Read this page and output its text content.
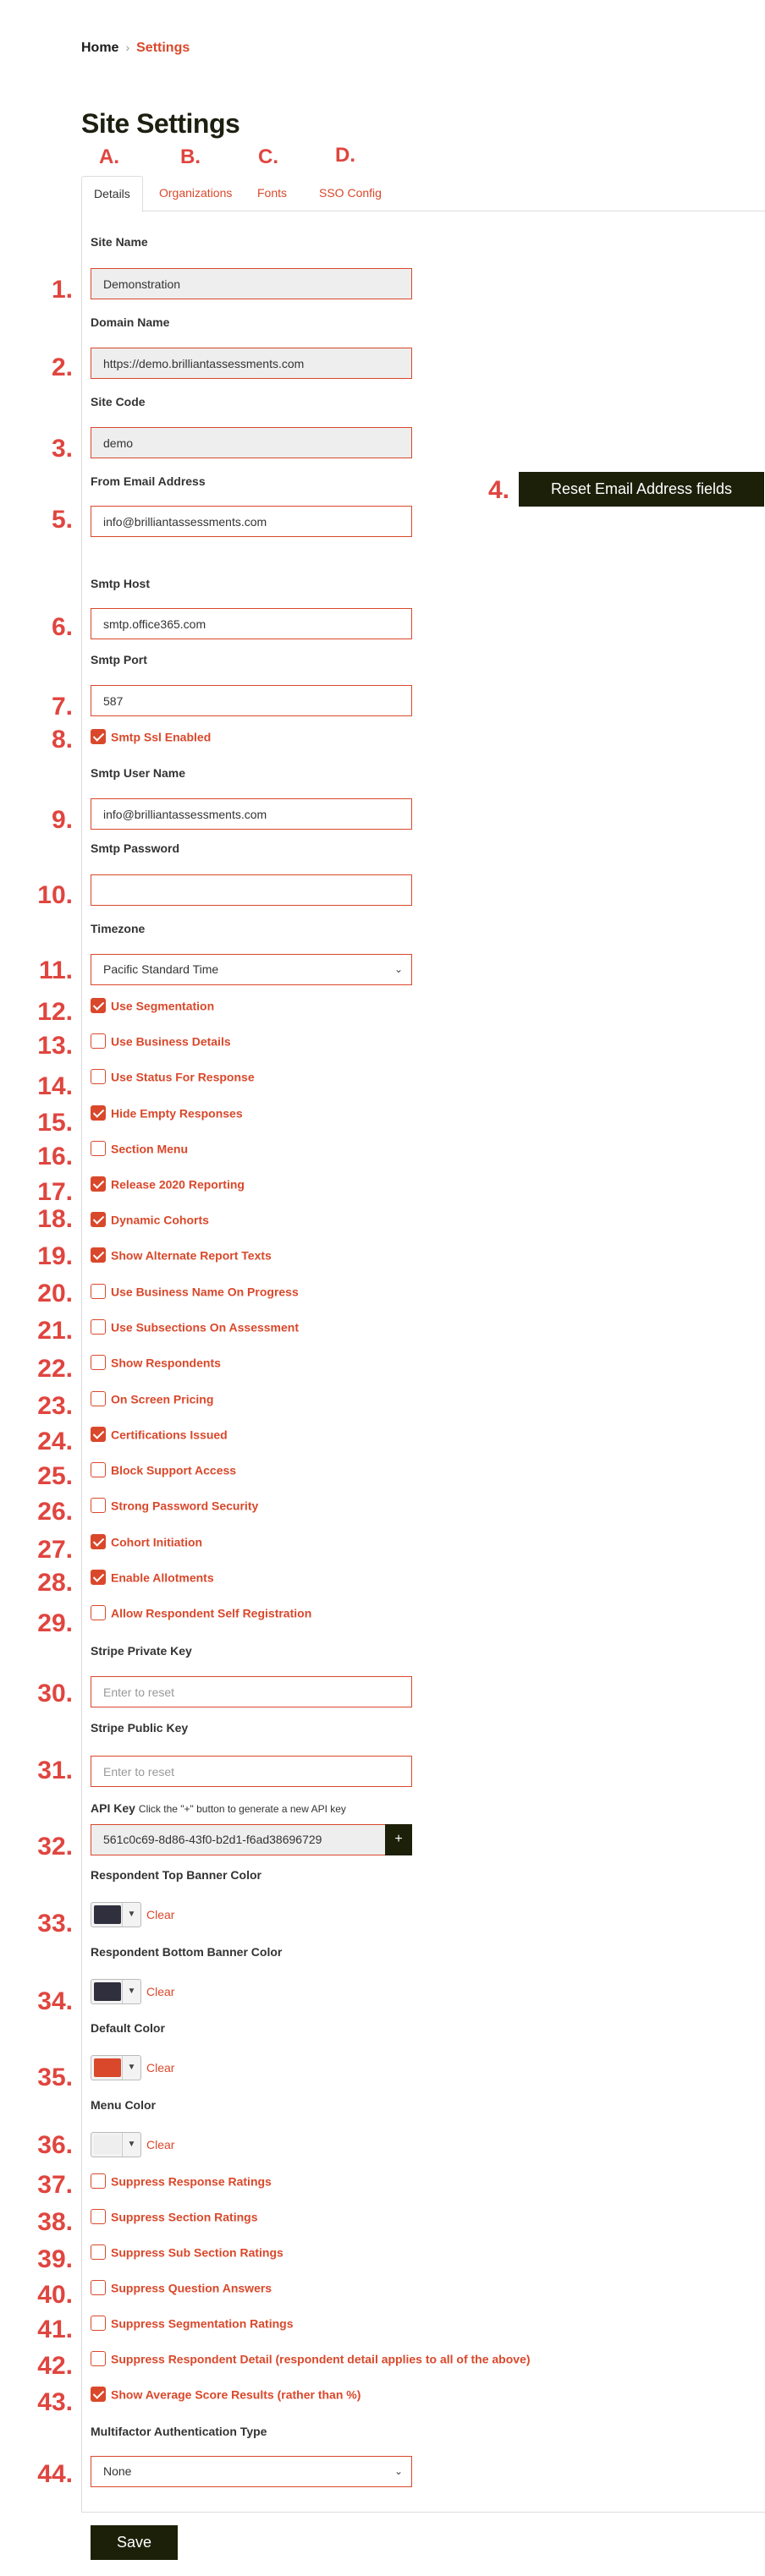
Home › Settings
Site Settings
A.	B.	C.	D.
Details	Organizations	Fonts	SSO Config
Site Name
1.
Demonstration
Domain Name
2.
https://demo.brilliantassessments.com
Site Code
3.
demo
From Email Address	4.	Reset Email Address fields
5.
info@brilliantassessments.com
Smtp Host
6.
smtp.office365.com
Smtp Port
7.
587
8.	Smtp Ssl Enabled
Smtp User Name
9.
info@brilliantassessments.com
Smtp Password
10.
Timezone
11.	Pacific Standard Time	⌄
12.	Use Segmentation
13.	Use Business Details
14.	Use Status For Response
15.	Hide Empty Responses
16.	Section Menu
17.	Release 2020 Reporting
18.	Dynamic Cohorts
19.	Show Alternate Report Texts
20.	Use Business Name On Progress
21.	Use Subsections On Assessment
22.	Show Respondents
23.	On Screen Pricing
24.	Certifications Issued
25.	Block Support Access
26.	Strong Password Security
27.	Cohort Initiation
28.	Enable Allotments
29.	Allow Respondent Self Registration
Stripe Private Key
30.
Enter to reset
Stripe Public Key
31.
Enter to reset
API Key Click the "+" button to generate a new API key
32.	561c0c69-8d86-43f0-b2d1-f6ad38696729	+
Respondent Top Banner Color
33.	▼ Clear
Respondent Bottom Banner Color
34.	▼ Clear
Default Color
35.	▼ Clear
Menu Color
36.	▼ Clear
37.	Suppress Response Ratings
38.	Suppress Section Ratings
39.	Suppress Sub Section Ratings
40.	Suppress Question Answers
41.	Suppress Segmentation Ratings
42.	Suppress Respondent Detail (respondent detail applies to all of the above)
43.	Show Average Score Results (rather than %)
Multifactor Authentication Type
44.	None	⌄
Save
